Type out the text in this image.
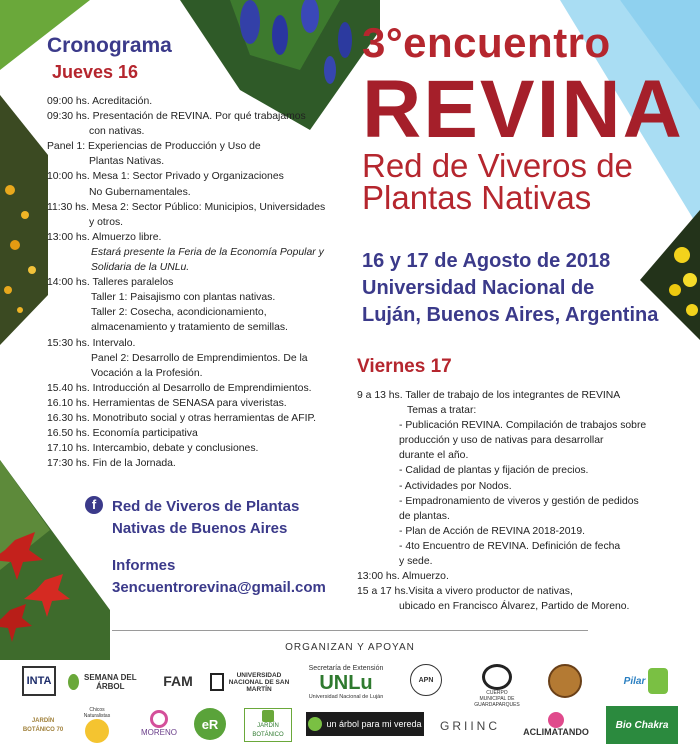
Cronograma
Jueves 16
09:00 hs. Acreditación.
09:30 hs. Presentación de REVINA. Por qué trabajamos
con nativas.
Panel 1: Experiencias de Producción y Uso de
Plantas Nativas.
10:00 hs. Mesa 1: Sector Privado y Organizaciones
No Gubernamentales.
11:30 hs. Mesa 2: Sector Público: Municipios, Universidades
y otros.
13:00 hs. Almuerzo libre.
Estará presente la Feria de la Economía Popular y
Solidaria de la UNLu.
14:00 hs. Talleres paralelos
Taller 1: Paisajismo con plantas nativas.
Taller 2: Cosecha, acondicionamiento,
almacenamiento y tratamiento de semillas.
15:30 hs. Intervalo.
Panel 2: Desarrollo de Emprendimientos. De la
Vocación a la Profesión.
15.40 hs. Introducción al Desarrollo de Emprendimientos.
16.10 hs. Herramientas de SENASA para viveristas.
16.30 hs. Monotributo social y otras herramientas de AFIP.
16.50 hs. Economía participativa
17.10 hs. Intercambio, debate y conclusiones.
17:30 hs. Fin de la Jornada.
f	Red de Viveros de Plantas
Nativas de Buenos Aires
Informes
3encuentrorevina@gmail.com
3°encuentro
REVINA
Red de Viveros de
Plantas Nativas
16 y 17 de Agosto de 2018
Universidad Nacional de
Luján, Buenos Aires, Argentina
Viernes 17
9 a 13 hs. Taller de trabajo de los integrantes de REVINA
Temas a tratar:
- Publicación REVINA. Compilación de trabajos sobre
producción y uso de nativas para desarrollar
durante el año.
- Calidad de plantas y fijación de precios.
- Actividades por Nodos.
- Empadronamiento de viveros y gestión de pedidos
de plantas.
- Plan de Acción de REVINA 2018-2019.
- 4to Encuentro de REVINA. Definición de fecha
y sede.
13:00 hs. Almuerzo.
15 a 17 hs.Visita a vivero productor de nativas,
ubicado en Francisco Álvarez, Partido de Moreno.
ORGANIZAN Y APOYAN
INTA	SEMANA DEL ÁRBOL	FAM	UNIVERSIDAD NACIONAL DE SAN MARTÍN
Secretaría de Extensión
UNLu
Universidad Nacional de Luján
APN
CUERPO MUNICIPAL DE GUARDAPARQUES
Pilar
JARDÍN BOTÁNICO 70
Chicos Naturalistas
MORENO
eR	JARDÍN BOTÁNICO
un árbol para mi vereda GRIINC	ACLIMATANDO
Bio Chakra
